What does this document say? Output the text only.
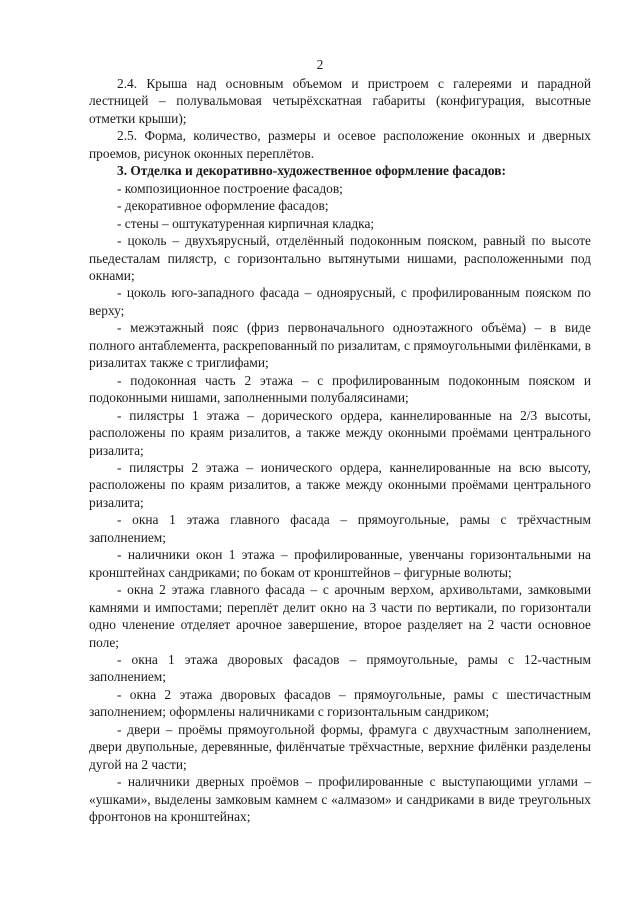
2

2.4. Крыша над основным объемом и пристроем с галереями и парадной лестницей – полувальмовая четырёхскатная габариты (конфигурация, высотные отметки крыши);

2.5. Форма, количество, размеры и осевое расположение оконных и дверных проемов, рисунок оконных переплётов.

3. Отделка и декоративно-художественное оформление фасадов:

- композиционное построение фасадов;

- декоративное оформление фасадов;

- стены – оштукатуренная кирпичная кладка;

- цоколь – двухъярусный, отделённый подоконным пояском, равный по высоте пьедесталам пилястр, с горизонтально вытянутыми нишами, расположенными под окнами;

- цоколь юго-западного фасада – одноярусный, с профилированным пояском по верху;

- межэтажный пояс (фриз первоначального одноэтажного объёма) – в виде полного антаблемента, раскрепованный по ризалитам, с прямоугольными филёнками, в ризалитах также с триглифами;

- подоконная часть 2 этажа – с профилированным подоконным пояском и подоконными нишами, заполненными полубалясинами;

- пилястры 1 этажа – дорического ордера, каннелированные на 2/3 высоты, расположены по краям ризалитов, а также между оконными проёмами центрального ризалита;

- пилястры 2 этажа – ионического ордера, каннелированные на всю высоту, расположены по краям ризалитов, а также между оконными проёмами центрального ризалита;

- окна 1 этажа главного фасада – прямоугольные, рамы с трёхчастным заполнением;

- наличники окон 1 этажа – профилированные, увенчаны горизонтальными на кронштейнах сандриками; по бокам от кронштейнов – фигурные волюты;

- окна 2 этажа главного фасада – с арочным верхом, архивольтами, замковыми камнями и импостами; переплёт делит окно на 3 части по вертикали, по горизонтали одно членение отделяет арочное завершение, второе разделяет на 2 части основное поле;

- окна 1 этажа дворовых фасадов – прямоугольные, рамы с 12-частным заполнением;

- окна 2 этажа дворовых фасадов – прямоугольные, рамы с шестичастным заполнением; оформлены наличниками с горизонтальным сандриком;

- двери – проёмы прямоугольной формы, фрамуга с двухчастным заполнением, двери двупольные, деревянные, филёнчатые трёхчастные, верхние филёнки разделены дугой на 2 части;

- наличники дверных проёмов – профилированные с выступающими углами – «ушками», выделены замковым камнем с «алмазом» и сандриками в виде треугольных фронтонов на кронштейнах;
